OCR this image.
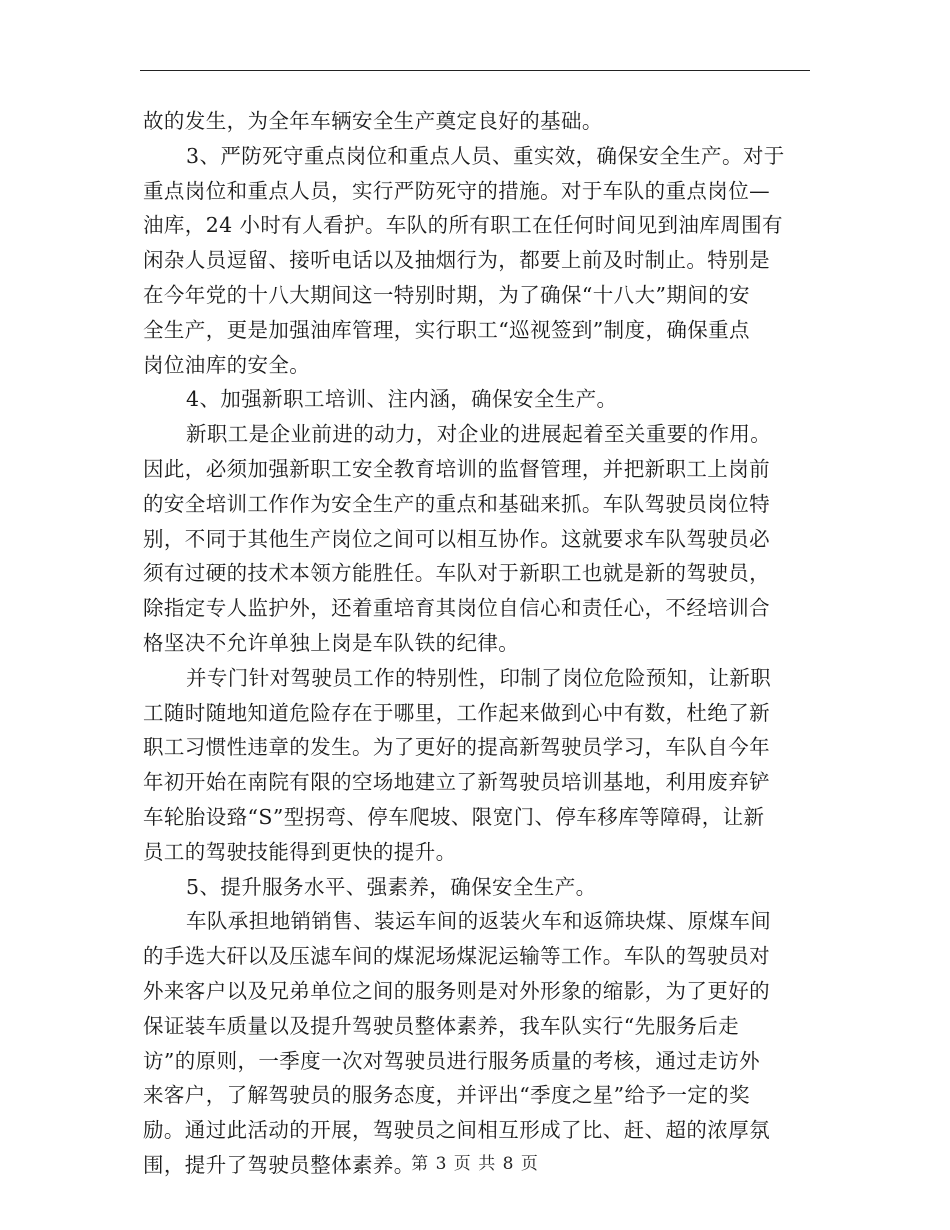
故的发生，为全年车辆安全生产奠定良好的基础。
3、严防死守重点岗位和重点人员、重实效，确保安全生产。对于
重点岗位和重点人员，实行严防死守的措施。对于车队的重点岗位—
油库，24 小时有人看护。车队的所有职工在任何时间见到油库周围有
闲杂人员逗留、接听电话以及抽烟行为，都要上前及时制止。特别是
在今年党的十八大期间这一特别时期，为了确保“十八大”期间的安
全生产，更是加强油库管理，实行职工“巡视签到”制度，确保重点
岗位油库的安全。
4、加强新职工培训、注内涵，确保安全生产。
新职工是企业前进的动力，对企业的进展起着至关重要的作用。
因此，必须加强新职工安全教育培训的监督管理，并把新职工上岗前
的安全培训工作作为安全生产的重点和基础来抓。车队驾驶员岗位特
别，不同于其他生产岗位之间可以相互协作。这就要求车队驾驶员必
须有过硬的技术本领方能胜任。车队对于新职工也就是新的驾驶员，
除指定专人监护外，还着重培育其岗位自信心和责任心，不经培训合
格坚决不允许单独上岗是车队铁的纪律。
并专门针对驾驶员工作的特别性，印制了岗位危险预知，让新职
工随时随地知道危险存在于哪里，工作起来做到心中有数，杜绝了新
职工习惯性违章的发生。为了更好的提高新驾驶员学习，车队自今年
年初开始在南院有限的空场地建立了新驾驶员培训基地，利用废弃铲
车轮胎设臵“S”型拐弯、停车爬坡、限宽门、停车移库等障碍，让新
员工的驾驶技能得到更快的提升。
5、提升服务水平、强素养，确保安全生产。
车队承担地销销售、装运车间的返装火车和返筛块煤、原煤车间
的手选大矸以及压滤车间的煤泥场煤泥运输等工作。车队的驾驶员对
外来客户以及兄弟单位之间的服务则是对外形象的缩影，为了更好的
保证装车质量以及提升驾驶员整体素养，我车队实行“先服务后走
访”的原则，一季度一次对驾驶员进行服务质量的考核，通过走访外
来客户，了解驾驶员的服务态度，并评出“季度之星”给予一定的奖
励。通过此活动的开展，驾驶员之间相互形成了比、赶、超的浓厚氛
围，提升了驾驶员整体素养。
第 3 页 共 8 页
